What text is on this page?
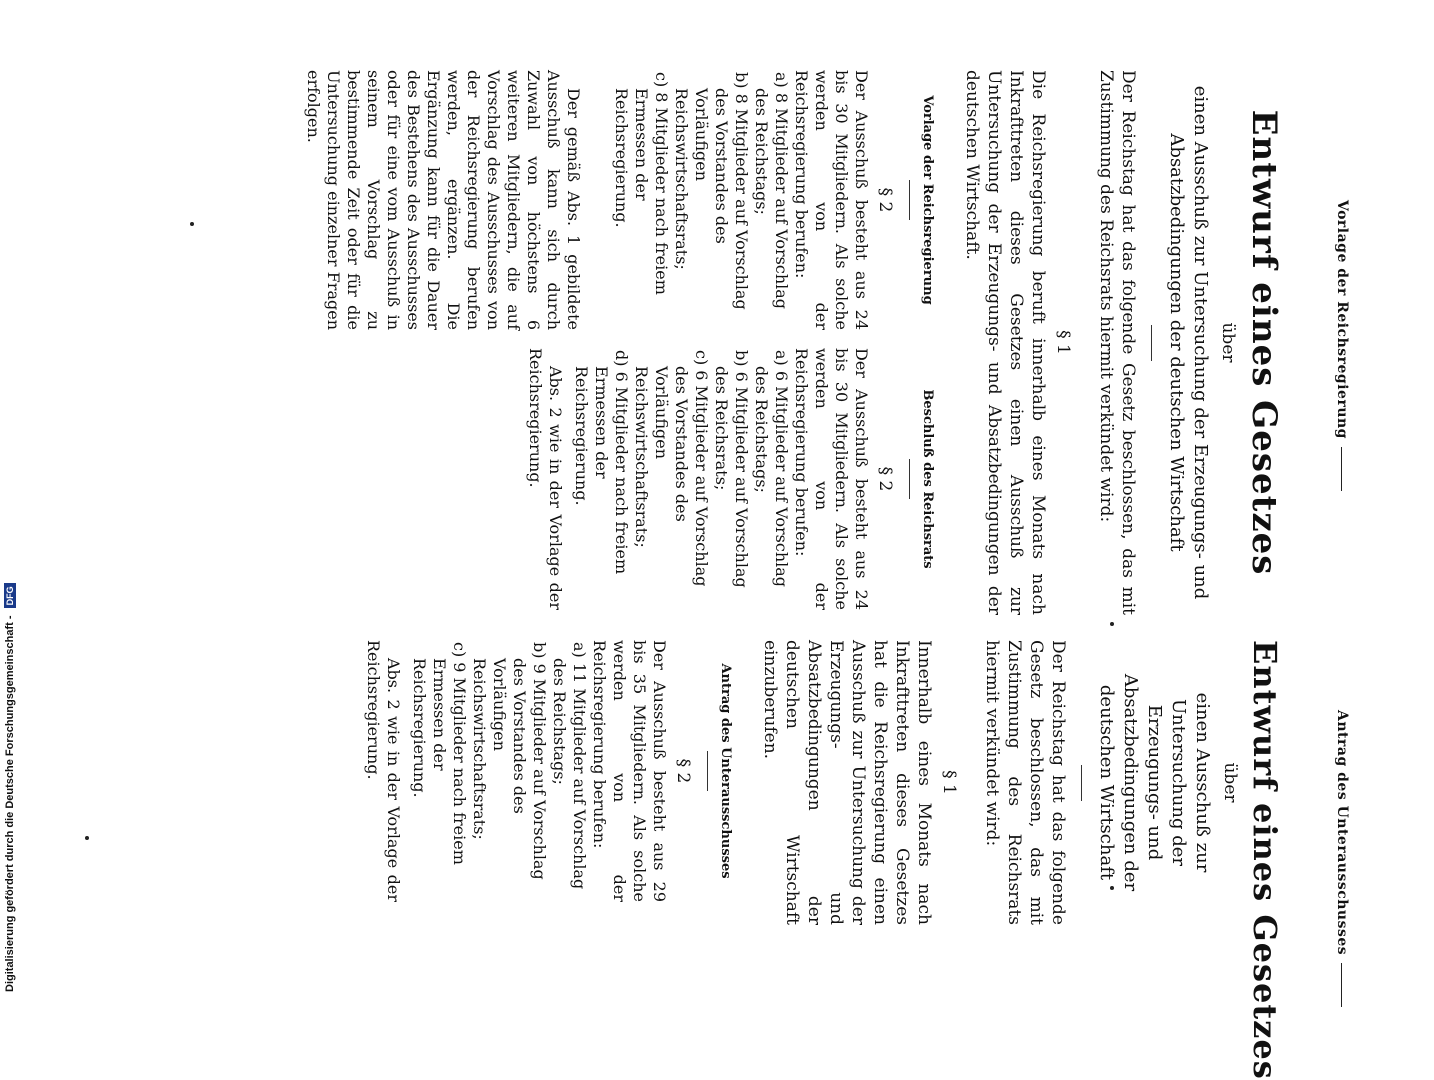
Digitalisierung gefördert durch die Deutsche Forschungsgemeinschaft - DFG
Vorlage der Reichsregierung
Antrag des Unterausschusses
Entwurf eines Gesetzes

über

einen Ausschuß zur Untersuchung der Erzeugungs- und Absatzbedingungen der deutschen Wirtschaft

Der Reichstag hat das folgende Gesetz beschlossen, das mit Zustimmung des Reichsrats hiermit verkündet wird:

§ 1

Die Reichsregierung beruft innerhalb eines Monats nach Inkrafttreten dieses Gesetzes einen Ausschuß zur Untersuchung der Erzeugungs- und Absatzbedingungen der deutschen Wirtschaft.

Vorlage der Reichsregierung

§ 2

Der Ausschuß besteht aus 24 bis 30 Mitgliedern. Als solche werden von der Reichsregierung berufen:

a) 8 Mitglieder auf Vorschlag des Reichstags;

b) 8 Mitglieder auf Vorschlag des Vorstandes des Vorläufigen Reichswirtschaftsrats;

c) 8 Mitglieder nach freiem Ermessen der Reichsregierung.

Der gemäß Abs. 1 gebildete Ausschuß kann sich durch Zuwahl von höchstens 6 weiteren Mitgliedern, die auf Vorschlag des Ausschusses von der Reichsregierung berufen werden, ergänzen. Die Ergänzung kann für die Dauer des Bestehens des Ausschusses oder für eine vom Ausschuß in seinem Vorschlag zu bestimmende Zeit oder für die Untersuchung einzelner Fragen erfolgen.

Beschluß des Reichsrats

§ 2

Der Ausschuß besteht aus 24 bis 30 Mitgliedern. Als solche werden von der Reichsregierung berufen:

a) 6 Mitglieder auf Vorschlag des Reichstags;

b) 6 Mitglieder auf Vorschlag des Reichsrats;

c) 6 Mitglieder auf Vorschlag des Vorstandes des Vorläufigen Reichswirtschaftsrats;

d) 6 Mitglieder nach freiem Ermessen der Reichsregierung.

Abs. 2 wie in der Vorlage der Reichsregierung.

Entwurf eines Gesetzes

über

einen Ausschuß zur Untersuchung der Erzeugungs- und Absatzbedingungen der deutschen Wirtschaft

Der Reichstag hat das folgende Gesetz beschlossen, das mit Zustimmung des Reichsrats hiermit verkündet wird:

§ 1

Innerhalb eines Monats nach Inkrafttreten dieses Gesetzes hat die Reichsregierung einen Ausschuß zur Untersuchung der Erzeugungs- und Absatzbedingungen der deutschen Wirtschaft einzuberufen.

Antrag des Unterausschusses

§ 2

Der Ausschuß besteht aus 29 bis 35 Mitgliedern. Als solche werden von der Reichsregierung berufen:

a) 11 Mitglieder auf Vorschlag des Reichstags;

b) 9 Mitglieder auf Vorschlag des Vorstandes des Vorläufigen Reichswirtschaftsrats;

c) 9 Mitglieder nach freiem Ermessen der Reichsregierung.

Abs. 2 wie in der Vorlage der Reichsregierung.
